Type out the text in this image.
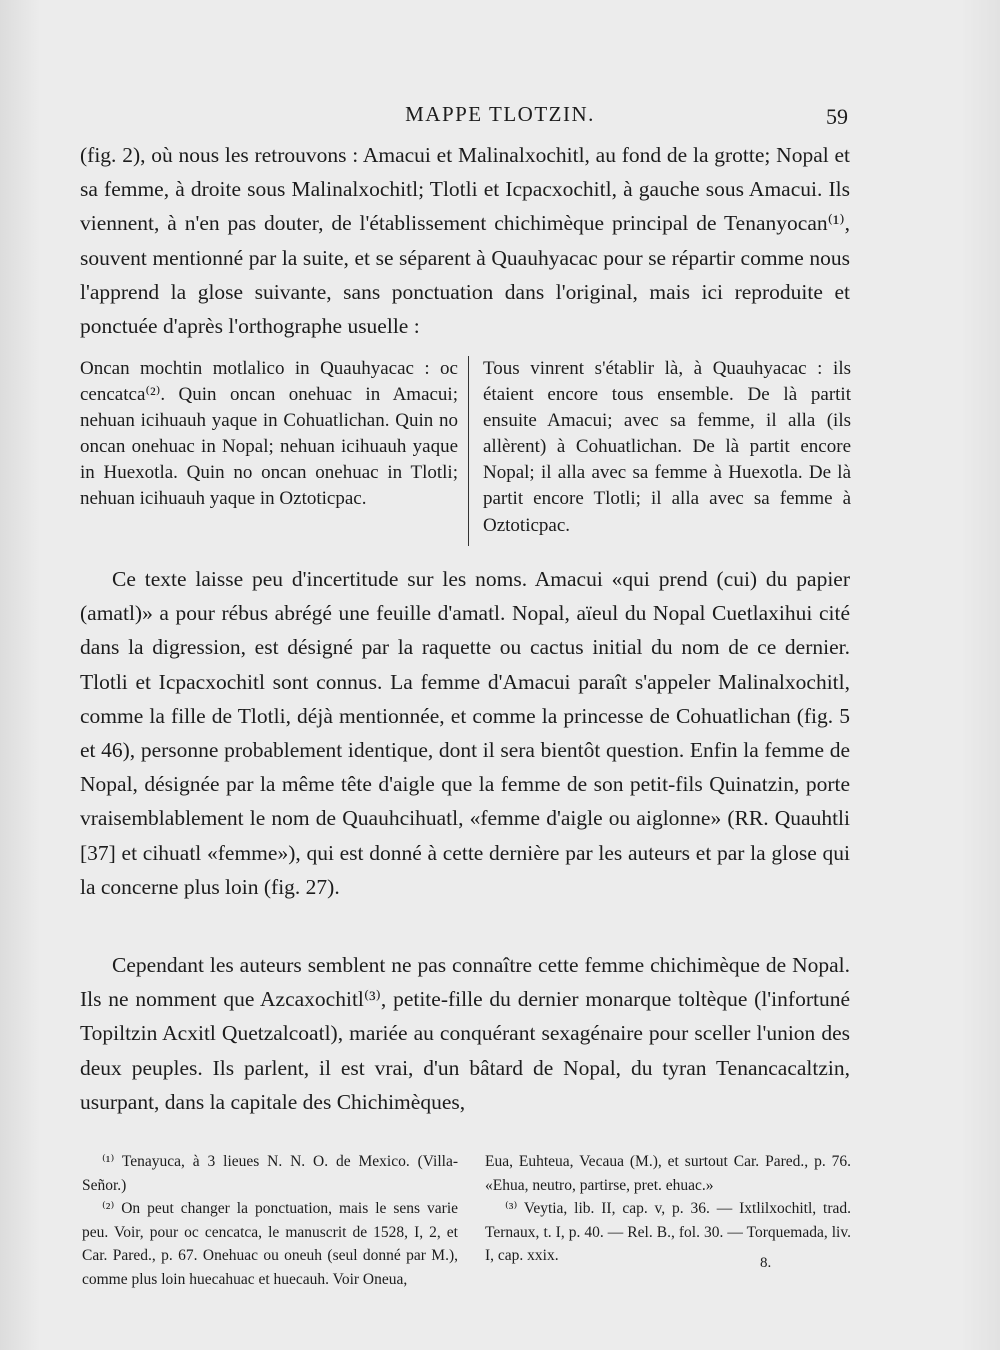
MAPPE TLOTZIN.	59

(fig. 2), où nous les retrouvons : Amacui et Malinalxochitl, au fond de la grotte; Nopal et sa femme, à droite sous Malinalxochitl; Tlotli et Icpacxochitl, à gauche sous Amacui. Ils viennent, à n'en pas douter, de l'établissement chichimèque principal de Tenanyocan⁽¹⁾, souvent mentionné par la suite, et se séparent à Quauhyacac pour se répartir comme nous l'apprend la glose suivante, sans ponctuation dans l'original, mais ici reproduite et ponctuée d'après l'orthographe usuelle :

Oncan mochtin motlalico in Quauhyacac : oc cencatca⁽²⁾. Quin oncan onehuac in Amacui; nehuan icihuauh yaque in Cohuatlichan. Quin no oncan onehuac in Nopal; nehuan icihuauh yaque in Huexotla. Quin no oncan onehuac in Tlotli; nehuan icihuauh yaque in Oztoticpac.

Tous vinrent s'établir là, à Quauhyacac : ils étaient encore tous ensemble. De là partit ensuite Amacui; avec sa femme, il alla (ils allèrent) à Cohuatlichan. De là partit encore Nopal; il alla avec sa femme à Huexotla. De là partit encore Tlotli; il alla avec sa femme à Oztoticpac.

Ce texte laisse peu d'incertitude sur les noms. Amacui «qui prend (cui) du papier (amatl)» a pour rébus abrégé une feuille d'amatl. Nopal, aïeul du Nopal Cuetlaxihui cité dans la digression, est désigné par la raquette ou cactus initial du nom de ce dernier. Tlotli et Icpacxochitl sont connus. La femme d'Amacui paraît s'appeler Malinalxochitl, comme la fille de Tlotli, déjà mentionnée, et comme la princesse de Cohuatlichan (fig. 5 et 46), personne probablement identique, dont il sera bientôt question. Enfin la femme de Nopal, désignée par la même tête d'aigle que la femme de son petit-fils Quinatzin, porte vraisemblablement le nom de Quauhcihuatl, «femme d'aigle ou aiglonne» (RR. Quauhtli [37] et cihuatl «femme»), qui est donné à cette dernière par les auteurs et par la glose qui la concerne plus loin (fig. 27).

Cependant les auteurs semblent ne pas connaître cette femme chichimèque de Nopal. Ils ne nomment que Azcaxochitl⁽³⁾, petite-fille du dernier monarque toltèque (l'infortuné Topiltzin Acxitl Quetzalcoatl), mariée au conquérant sexagénaire pour sceller l'union des deux peuples. Ils parlent, il est vrai, d'un bâtard de Nopal, du tyran Tenancacaltzin, usurpant, dans la capitale des Chichimèques,

⁽¹⁾ Tenayuca, à 3 lieues N. N. O. de Mexico. (Villa-Señor.)
⁽²⁾ On peut changer la ponctuation, mais le sens varie peu. Voir, pour oc cencatca, le manuscrit de 1528, I, 2, et Car. Pared., p. 67. Onehuac ou oneuh (seul donné par M.), comme plus loin huecahuac et huecauh. Voir Oneua,
Eua, Euhteua, Vecaua (M.), et surtout Car. Pared., p. 76. «Ehua, neutro, partirse, pret. ehuac.»
⁽³⁾ Veytia, lib. II, cap. v, p. 36. — Ixtlilxochitl, trad. Ternaux, t. I, p. 40. — Rel. B., fol. 30. — Torquemada, liv. I, cap. xxix.	8.
